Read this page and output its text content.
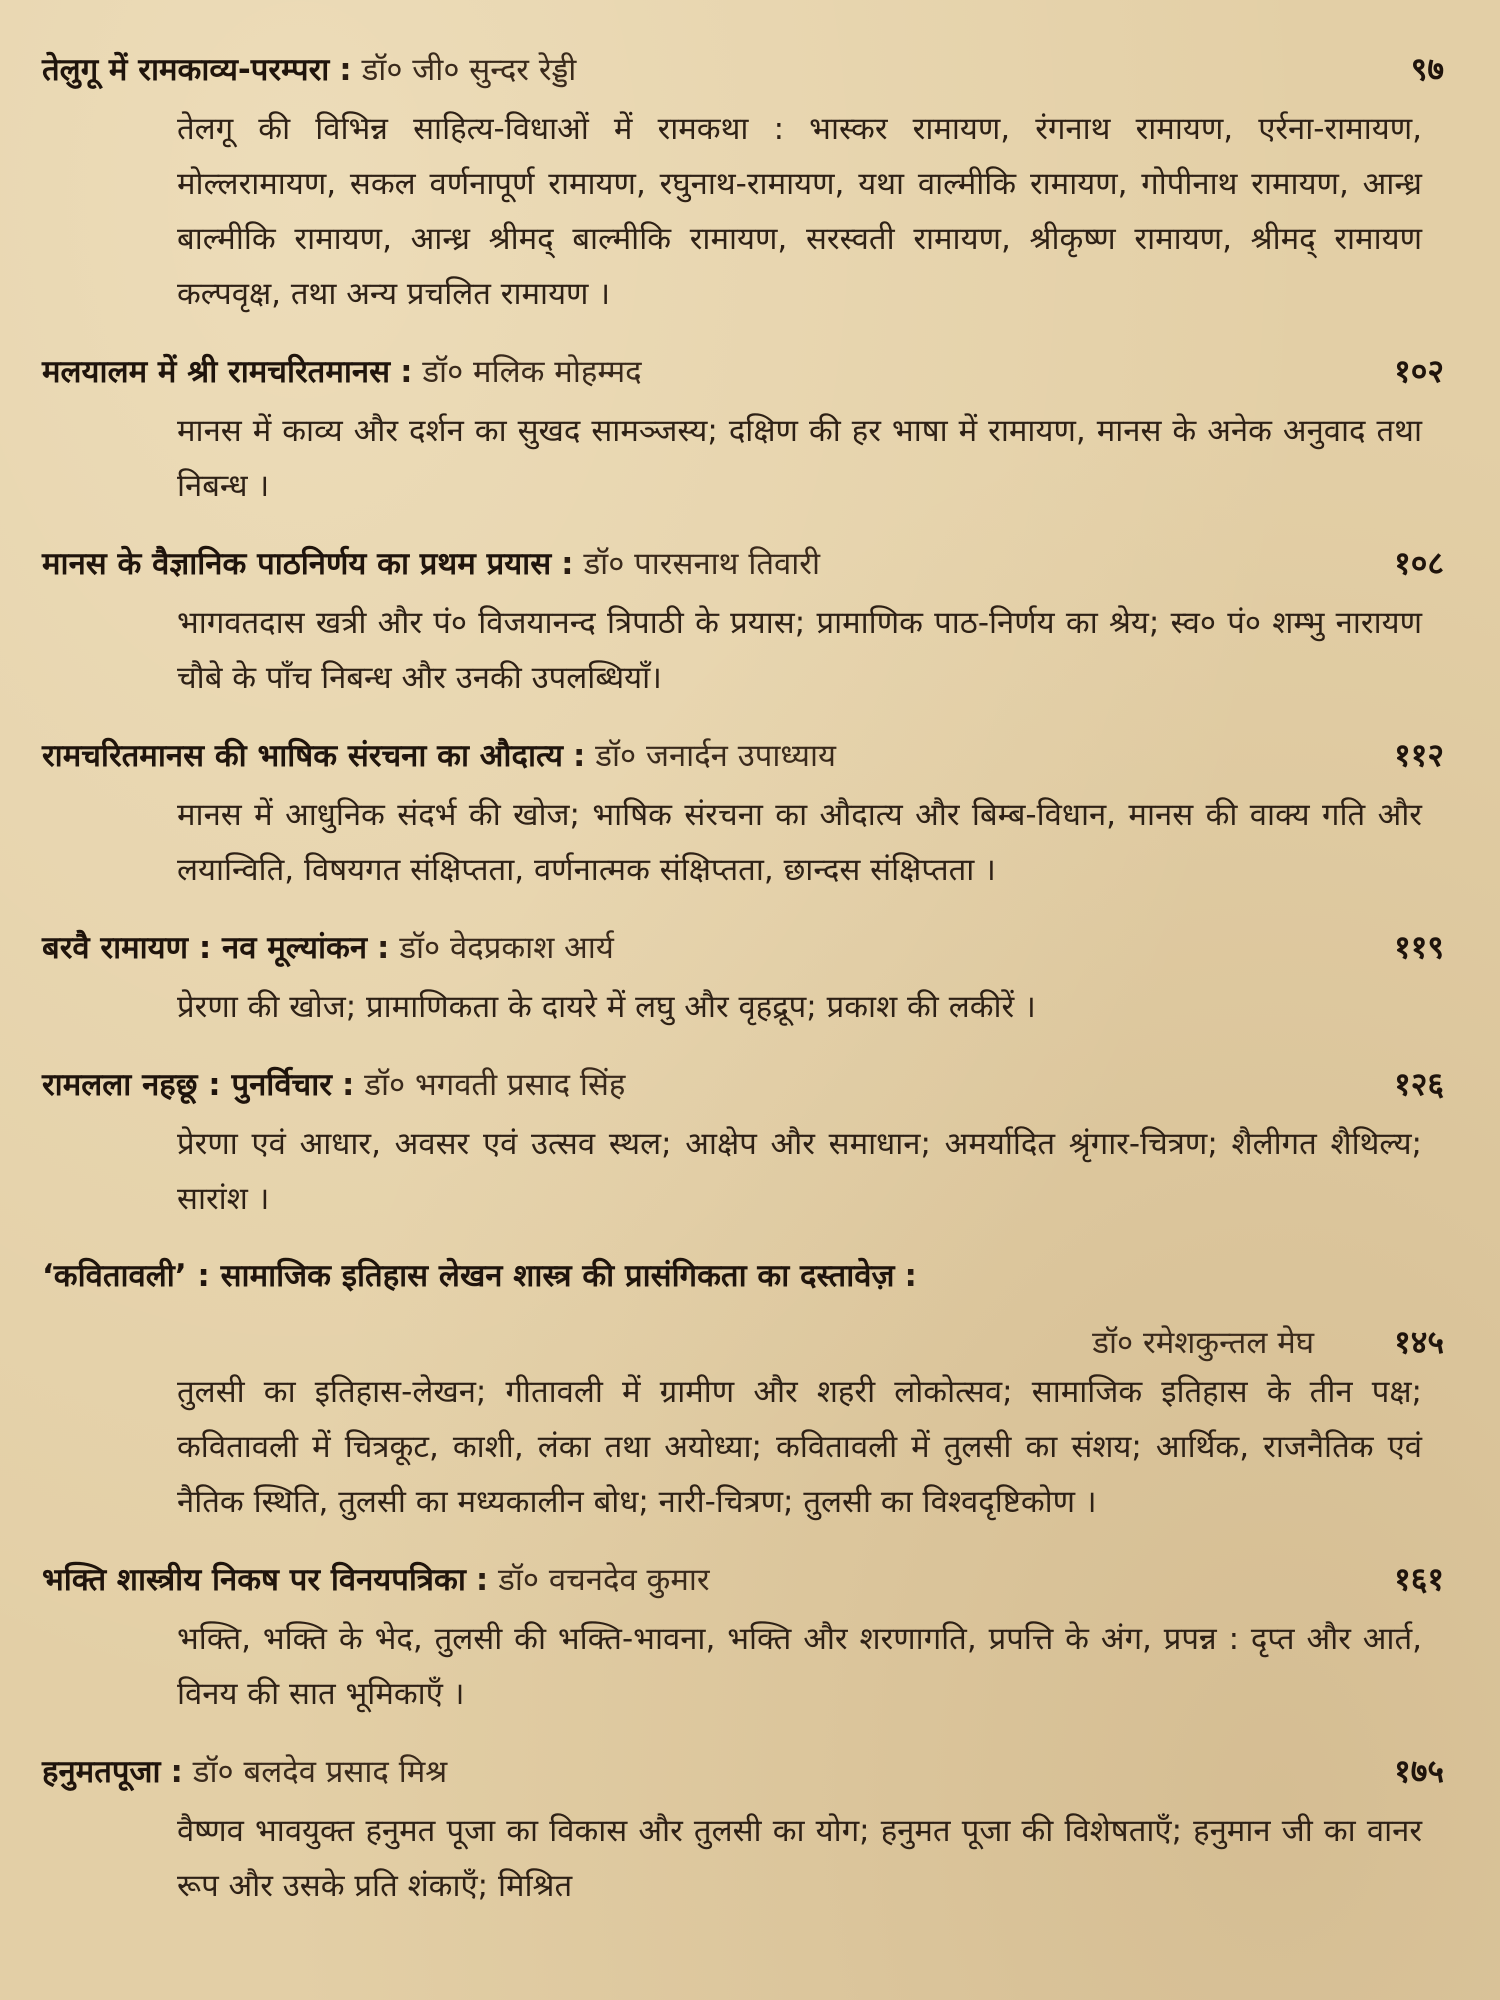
तेलुगू में रामकाव्य-परम्परा : डॉ० जी० सुन्दर रेड्डी	९७

तेलगू की विभिन्न साहित्य-विधाओं में रामकथा : भास्कर रामायण, रंगनाथ रामायण, एर्रना-रामायण, मोल्लरामायण, सकल वर्णनापूर्ण रामायण, रघुनाथ-रामायण, यथा वाल्मीकि रामायण, गोपीनाथ रामायण, आन्ध्र बाल्मीकि रामायण, आन्ध्र श्रीमद् बाल्मीकि रामायण, सरस्वती रामायण, श्रीकृष्ण रामायण, श्रीमद् रामायण कल्पवृक्ष, तथा अन्य प्रचलित रामायण ।

मलयालम में श्री रामचरितमानस : डॉ० मलिक मोहम्मद	१०२

मानस में काव्य और दर्शन का सुखद सामञ्जस्य; दक्षिण की हर भाषा में रामायण, मानस के अनेक अनुवाद तथा निबन्ध ।

मानस के वैज्ञानिक पाठनिर्णय का प्रथम प्रयास : डॉ० पारसनाथ तिवारी	१०८

भागवतदास खत्री और पं० विजयानन्द त्रिपाठी के प्रयास; प्रामाणिक पाठ-निर्णय का श्रेय; स्व० पं० शम्भु नारायण चौबे के पाँच निबन्ध और उनकी उपलब्धियाँ।

रामचरितमानस की भाषिक संरचना का औदात्य : डॉ० जनार्दन उपाध्याय	११२

मानस में आधुनिक संदर्भ की खोज; भाषिक संरचना का औदात्य और बिम्ब-विधान, मानस की वाक्य गति और लयान्विति, विषयगत संक्षिप्तता, वर्णनात्मक संक्षिप्तता, छान्दस संक्षिप्तता ।

बरवै रामायण : नव मूल्यांकन : डॉ० वेदप्रकाश आर्य	११९

प्रेरणा की खोज; प्रामाणिकता के दायरे में लघु और वृहद्रूप; प्रकाश की लकीरें ।

रामलला नहछू : पुनर्विचार : डॉ० भगवती प्रसाद सिंह	१२६

प्रेरणा एवं आधार, अवसर एवं उत्सव स्थल; आक्षेप और समाधान; अमर्यादित श्रृंगार-चित्रण; शैलीगत शैथिल्य; सारांश ।

‘कवितावली’ : सामाजिक इतिहास लेखन शास्त्र की प्रासंगिकता का दस्तावेज़ :
डॉ० रमेशकुन्तल मेघ	१४५

तुलसी का इतिहास-लेखन; गीतावली में ग्रामीण और शहरी लोकोत्सव; सामाजिक इतिहास के तीन पक्ष; कवितावली में चित्रकूट, काशी, लंका तथा अयोध्या; कवितावली में तुलसी का संशय; आर्थिक, राजनैतिक एवं नैतिक स्थिति, तुलसी का मध्यकालीन बोध; नारी-चित्रण; तुलसी का विश्वदृष्टिकोण ।

भक्ति शास्त्रीय निकष पर विनयपत्रिका : डॉ० वचनदेव कुमार	१६१

भक्ति, भक्ति के भेद, तुलसी की भक्ति-भावना, भक्ति और शरणागति, प्रपत्ति के अंग, प्रपन्न : दृप्त और आर्त, विनय की सात भूमिकाएँ ।

हनुमतपूजा : डॉ० बलदेव प्रसाद मिश्र	१७५

वैष्णव भावयुक्त हनुमत पूजा का विकास और तुलसी का योग; हनुमत पूजा की विशेषताएँ; हनुमान जी का वानर रूप और उसके प्रति शंकाएँ; मिश्रित
